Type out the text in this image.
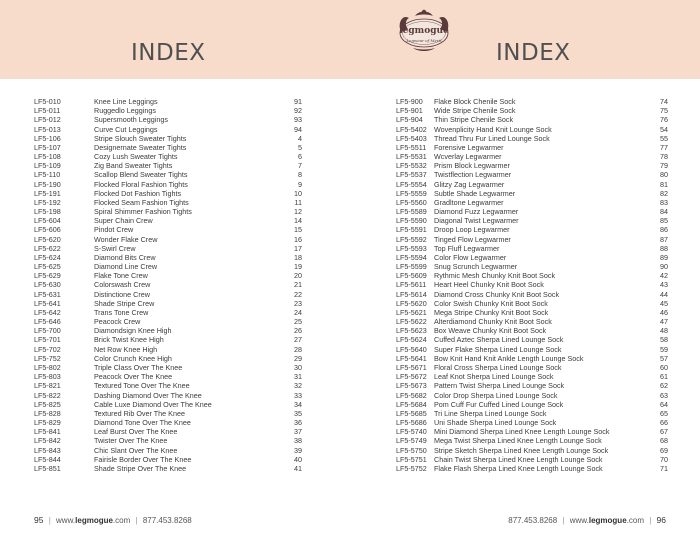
INDEX
legmogue
Legwear of Merit	INDEX
LF5-010	Knee Line Leggings	91
LF5-011	Ruggedlo Leggings	92
LF5-012	Supersmooth Leggings	93
LF5-013	Curve Cut Leggings	94
LF5-106	Stripe Slouch Sweater Tights	4
LF5-107	Designernate Sweater Tights	5
LF5-108	Cozy Lush Sweater Tights	6
LF5-109	Zig Band Sweater Tights	7
LF5-110	Scallop Blend Sweater Tights	8
LF5-190	Flocked Floral Fashion Tights	9
LF5-191	Flocked Dot Fashion Tights	10
LF5-192	Flocked Seam Fashion Tights	11
LF5-198	Spiral Shimmer Fashion Tights	12
LF5-604	Super Chain Crew	14
LF5-606	Pindot Crew	15
LF5-620	Wonder Flake Crew	16
LF5-622	S-Swirl Crew	17
LF5-624	Diamond Bits Crew	18
LF5-625	Diamond Line Crew	19
LF5-629	Flake Tone Crew	20
LF5-630	Colorswash Crew	21
LF5-631	Distinctione Crew	22
LF5-641	Shade Stripe Crew	23
LF5-642	Trans Tone Crew	24
LF5-646	Peacock Crew	25
LF5-700	Diamondsign Knee High	26
LF5-701	Brick Twist Knee High	27
LF5-702	Net Row Knee High	28
LF5-752	Color Crunch Knee High	29
LF5-802	Triple Class Over The Knee	30
LF5-803	Peacock Over The Knee	31
LF5-821	Textured Tone Over The Knee	32
LF5-822	Dashing Diamond Over The Knee	33
LF5-825	Cable Luxe Diamond Over The Knee	34
LF5-828	Textured Rib Over The Knee	35
LF5-829	Diamond Tone Over The Knee	36
LF5-841	Leaf Burst Over The Knee	37
LF5-842	Twister Over The Knee	38
LF5-843	Chic Slant Over The Knee	39
LF5-844	Fairisle Border Over The Knee	40
LF5-851	Shade Stripe Over The Knee	41
LF5-900 Flake Block Chenile Sock	74
LF5-901 Wide Stripe Chenile Sock	75
LF5-904 Thin Stripe Chenile Sock	76
LF5-5402 Wovenplicity Hand Knit Lounge Sock	54
LF5-5403 Thread Thru Fur Lined Lounge Sock	55
LF5-5511 Forensive Legwarmer	77
LF5-5531 Wcverlay Legwarmer	78
LF5-5532 Prism Block Legwarmer	79
LF5-5537 Twistflection Legwarmer	80
LF5-5554 Glitzy Zag Legwarmer	81
LF5-5559 Subtle Shade Legwarmer	82
LF5-5560 Gradltone Legwarmer	83
LF5-5589 Diamond Fuzz Legwarmer	84
LF5-5590 Diagonal Twist Legwarmer	85
LF5-5591 Droop Loop Legwarmer	86
LF5-5592 Tinged Flow Legwarmer	87
LF5-5593 Top Fluff Legwarmer	88
LF5-5594 Color Flow Legwarmer	89
LF5-5599 Snug Scrunch Legwarmer	90
LF5-5609 Rythmic Mesh Chunky Knit Boot Sock	42
LF5-5611 Heart Heel Chunky Knit Boot Sock	43
LF5-5614 Diamond Cross Chunky Knit Boot Sock	44
LF5-5620 Color Swish Chunky Knit Boot Sock	45
LF5-5621 Mega Stripe Chunky Knit Boot Sock	46
LF5-5622 Alterdiamond Chunky Knit Boot Sock	47
LF5-5623 Box Weave Chunky Knit Boot Sock	48
LF5-5624 Cuffed Aztec Sherpa Lined Lounge Sock	58
LF5-5640 Super Flake Sherpa Lined Lounge Sock	59
LF5-5641 Bow Knit Hand Knit Ankle Length Lounge Sock	57
LF5-5671 Floral Cross Sherpa Lined Lounge Sock	60
LF5-5672 Leaf Knot Sherpa Lined Lounge Sock	61
LF5-5673 Pattern Twist Sherpa Lined Lounge Sock	62
LF5-5682 Color Drop Sherpa Lined Lounge Sock	63
LF5-5684 Pom Cuff Fur Cuffed Lined Lounge Sock	64
LF5-5685 Tri Line Sherpa Lined Lounge Sock	65
LF5-5686 Uni Shade Sherpa Lined Lounge Sock	66
LF5-5740 Mini Diamond Sherpa Lined Knee Length Lounge Sock	67
LF5-5749 Mega Twist Sherpa Lined Knee Length Lounge Sock	68
LF5-5750 Stripe Sketch Sherpa Lined Knee Length Lounge Sock	69
LF5-5751 Chain Twist Sherpa Lined Knee Length Lounge Sock	70
LF5-5752 Flake Flash Sherpa Lined Knee Length Lounge Sock	71
95 | www.legmogue.com | 877.453.8268	877.453.8268 | www.legmogue.com | 96
